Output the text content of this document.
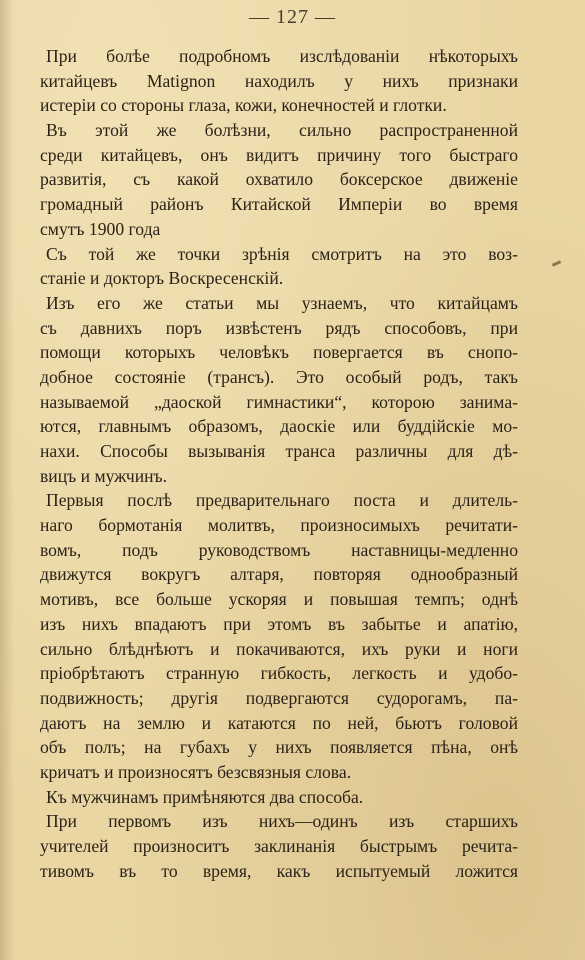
— 127 —
При болѣе подробномъ изслѣдованіи нѣкоторыхъ
китайцевъ Matignon находилъ у нихъ признаки
истеріи со стороны глаза, кожи, конечностей и глотки.
Въ этой же болѣзни, сильно распространенной
среди китайцевъ, онъ видитъ причину того быстраго
развитія, съ какой охватило боксерское движеніе
громадный районъ Китайской Имперіи во время
смутъ 1900 года
Съ той же точки зрѣнія смотритъ на это воз-
станіе и докторъ Воскресенскій.
Изъ его же статьи мы узнаемъ, что китайцамъ
съ давнихъ поръ извѣстенъ рядъ способовъ, при
помощи которыхъ человѣкъ повергается въ снопо-
добное состояніе (трансъ). Это особый родъ, такъ
называемой „даоской гимнастики“, которою занима-
ются, главнымъ образомъ, даоскіе или буддійскіе мо-
нахи. Способы вызыванія транса различны для дѣ-
вицъ и мужчинъ.
Первыя послѣ предварительнаго поста и длитель-
наго бормотанія молитвъ, произносимыхъ речитати-
вомъ, подъ руководствомъ наставницы-медленно
движутся вокругъ алтаря, повторяя однообразный
мотивъ, все больше ускоряя и повышая темпъ; однѣ
изъ нихъ впадаютъ при этомъ въ забытье и апатію,
сильно блѣднѣютъ и покачиваются, ихъ руки и ноги
пріобрѣтаютъ странную гибкость, легкость и удобо-
подвижность; другія подвергаются судорогамъ, па-
даютъ на землю и катаются по ней, бьютъ головой
объ полъ; на губахъ у нихъ появляется пѣна, онѣ
кричатъ и произносятъ безсвязныя слова.
Къ мужчинамъ примѣняются два способа.
При первомъ изъ нихъ—одинъ изъ старшихъ
учителей произноситъ заклинанія быстрымъ речита-
тивомъ въ то время, какъ испытуемый ложится
